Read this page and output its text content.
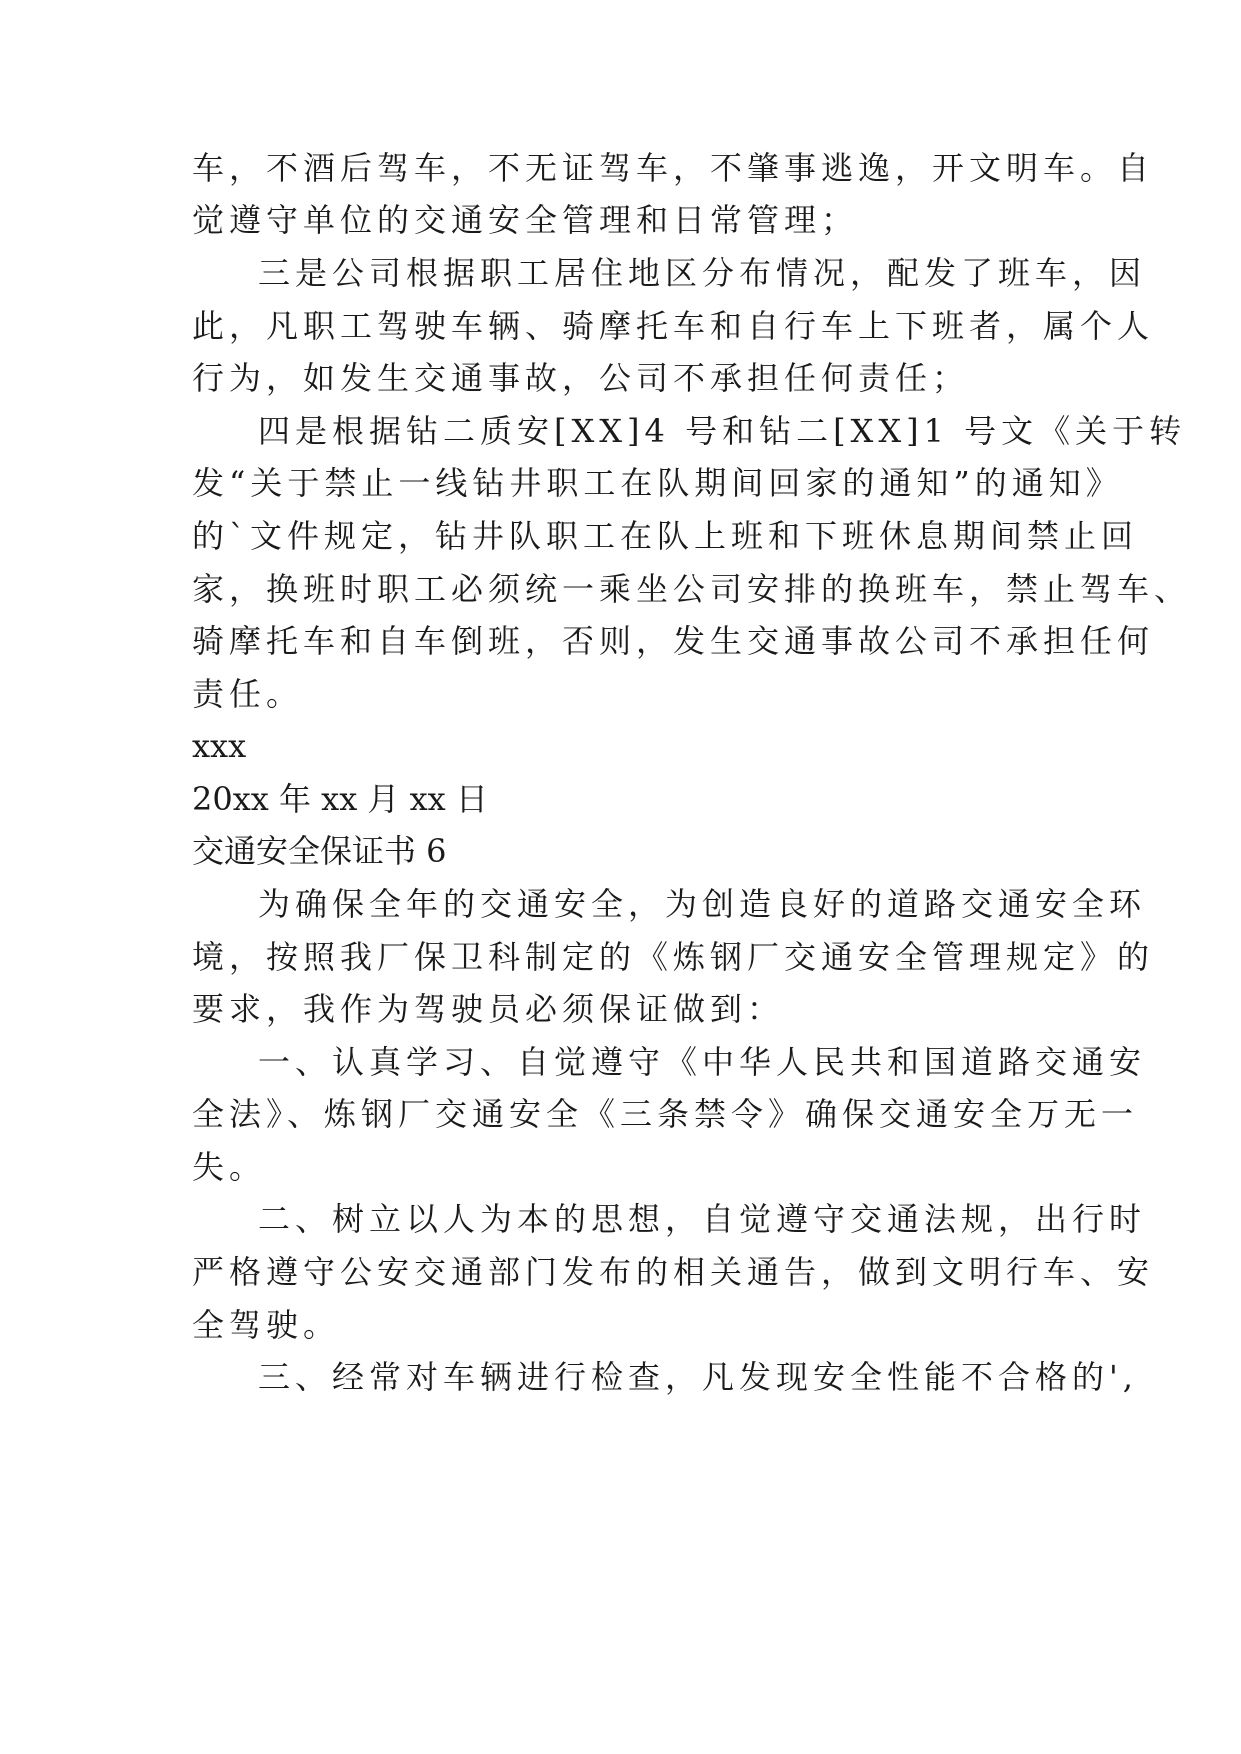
车，不酒后驾车，不无证驾车，不肇事逃逸，开文明车。自
觉遵守单位的交通安全管理和日常管理；
三是公司根据职工居住地区分布情况，配发了班车，因
此，凡职工驾驶车辆、骑摩托车和自行车上下班者，属个人
行为，如发生交通事故，公司不承担任何责任；
四是根据钻二质安[XX]4 号和钻二[XX]1 号文《关于转
发“关于禁止一线钻井职工在队期间回家的通知”的通知》
的`文件规定，钻井队职工在队上班和下班休息期间禁止回
家，换班时职工必须统一乘坐公司安排的换班车，禁止驾车、
骑摩托车和自车倒班，否则，发生交通事故公司不承担任何
责任。
xxx
20xx 年 xx 月 xx 日
交通安全保证书 6
为确保全年的交通安全，为创造良好的道路交通安全环
境，按照我厂保卫科制定的《炼钢厂交通安全管理规定》的
要求，我作为驾驶员必须保证做到：
一、认真学习、自觉遵守《中华人民共和国道路交通安
全法》、炼钢厂交通安全《三条禁令》确保交通安全万无一
失。
二、树立以人为本的思想，自觉遵守交通法规，出行时
严格遵守公安交通部门发布的相关通告，做到文明行车、安
全驾驶。
三、经常对车辆进行检查，凡发现安全性能不合格的',
